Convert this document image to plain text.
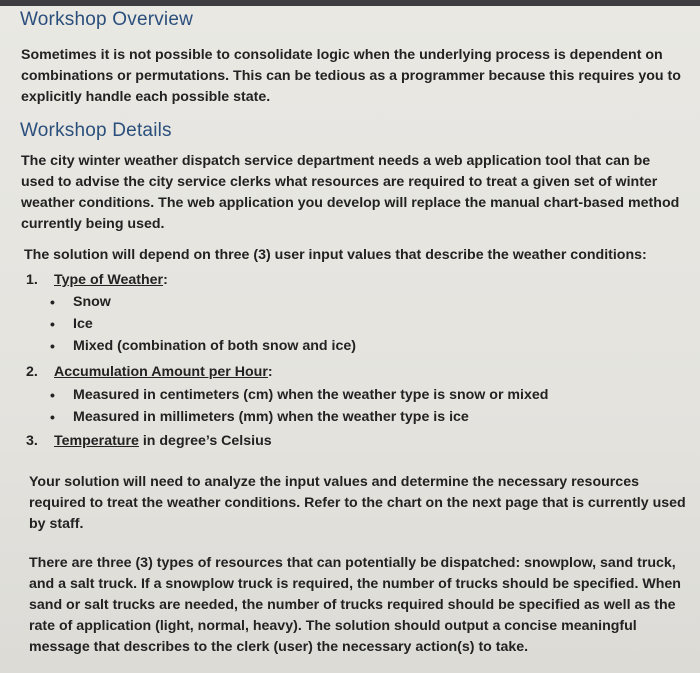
Workshop Overview
Sometimes it is not possible to consolidate logic when the underlying process is dependent on
combinations or permutations. This can be tedious as a programmer because this requires you to
explicitly handle each possible state.
Workshop Details
The city winter weather dispatch service department needs a web application tool that can be
used to advise the city service clerks what resources are required to treat a given set of winter
weather conditions. The web application you develop will replace the manual chart-based method
currently being used.
The solution will depend on three (3) user input values that describe the weather conditions:
1. Type of Weather:
•	Snow
•	Ice
•	Mixed (combination of both snow and ice)
2. Accumulation Amount per Hour:
•	Measured in centimeters (cm) when the weather type is snow or mixed
•	Measured in millimeters (mm) when the weather type is ice
3. Temperature in degree’s Celsius
Your solution will need to analyze the input values and determine the necessary resources
required to treat the weather conditions. Refer to the chart on the next page that is currently used
by staff.
There are three (3) types of resources that can potentially be dispatched: snowplow, sand truck,
and a salt truck. If a snowplow truck is required, the number of trucks should be specified. When
sand or salt trucks are needed, the number of trucks required should be specified as well as the
rate of application (light, normal, heavy). The solution should output a concise meaningful
message that describes to the clerk (user) the necessary action(s) to take.
